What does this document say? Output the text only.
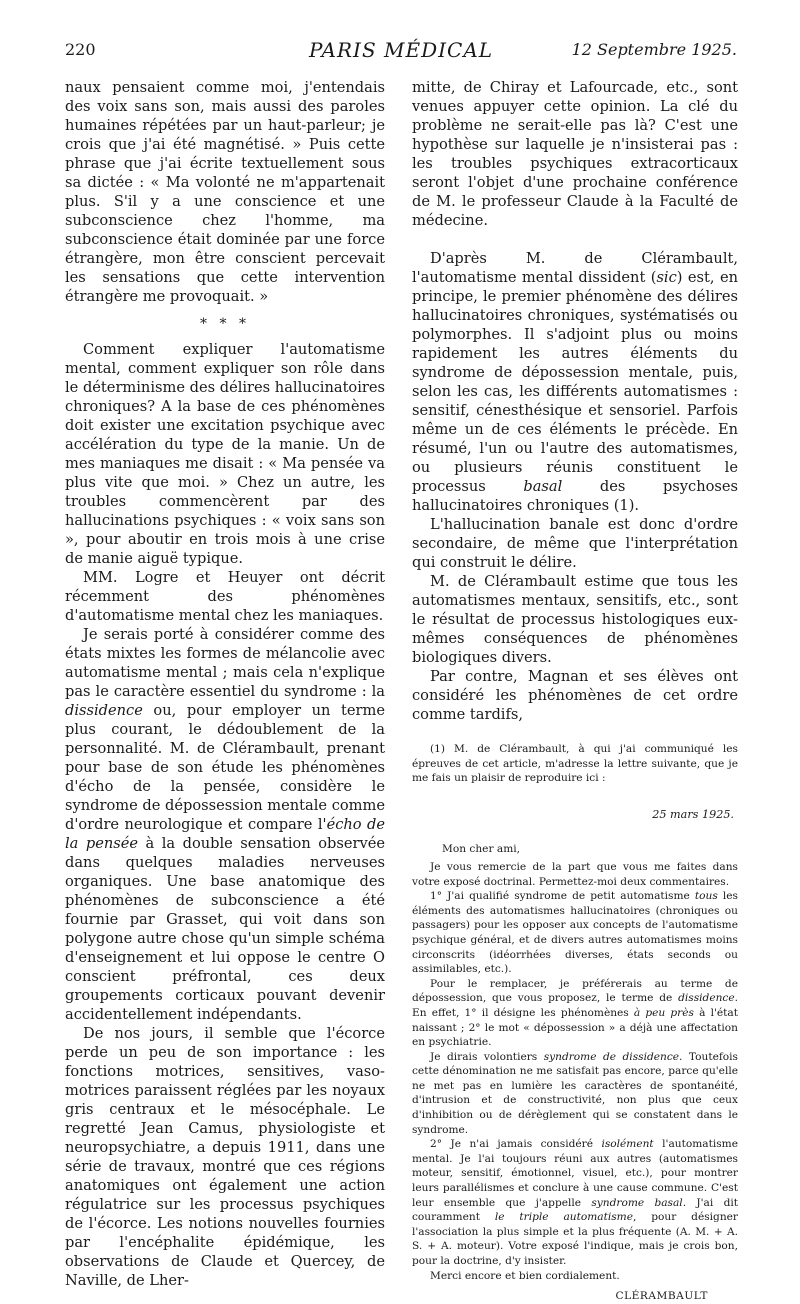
220	PARIS MÉDICAL	12 Septembre 1925.

naux pensaient comme moi, j'entendais des voix sans son, mais aussi des paroles humaines répétées par un haut-parleur; je crois que j'ai été magnétisé. » Puis cette phrase que j'ai écrite textuellement sous sa dictée : « Ma volonté ne m'appartenait plus. S'il y a une conscience et une subconscience chez l'homme, ma subconscience était dominée par une force étrangère, mon être conscient percevait les sensations que cette intervention étrangère me provoquait. »

* * *

Comment expliquer l'automatisme mental, comment expliquer son rôle dans le déterminisme des délires hallucinatoires chroniques? A la base de ces phénomènes doit exister une excitation psychique avec accélération du type de la manie. Un de mes maniaques me disait : « Ma pensée va plus vite que moi. » Chez un autre, les troubles commencèrent par des hallucinations psychiques : « voix sans son », pour aboutir en trois mois à une crise de manie aiguë typique.

MM. Logre et Heuyer ont décrit récemment des phénomènes d'automatisme mental chez les maniaques.

Je serais porté à considérer comme des états mixtes les formes de mélancolie avec automatisme mental ; mais cela n'explique pas le caractère essentiel du syndrome : la dissidence ou, pour employer un terme plus courant, le dédoublement de la personnalité. M. de Clérambault, prenant pour base de son étude les phénomènes d'écho de la pensée, considère le syndrome de dépossession mentale comme d'ordre neurologique et compare l'écho de la pensée à la double sensation observée dans quelques maladies nerveuses organiques. Une base anatomique des phénomènes de subconscience a été fournie par Grasset, qui voit dans son polygone autre chose qu'un simple schéma d'enseignement et lui oppose le centre O conscient préfrontal, ces deux groupements corticaux pouvant devenir accidentellement indépendants.

De nos jours, il semble que l'écorce perde un peu de son importance : les fonctions motrices, sensitives, vaso-motrices paraissent réglées par les noyaux gris centraux et le mésocéphale. Le regretté Jean Camus, physiologiste et neuropsychiatre, a depuis 1911, dans une série de travaux, montré que ces régions anatomiques ont également une action régulatrice sur les processus psychiques de l'écorce. Les notions nouvelles fournies par l'encéphalite épidémique, les observations de Claude et Quercey, de Naville, de Lher-

mitte, de Chiray et Lafourcade, etc., sont venues appuyer cette opinion. La clé du problème ne serait-elle pas là? C'est une hypothèse sur laquelle je n'insisterai pas : les troubles psychiques extracorticaux seront l'objet d'une prochaine conférence de M. le professeur Claude à la Faculté de médecine.

D'après M. de Clérambault, l'automatisme mental dissident (sic) est, en principe, le premier phénomène des délires hallucinatoires chroniques, systématisés ou polymorphes. Il s'adjoint plus ou moins rapidement les autres éléments du syndrome de dépossession mentale, puis, selon les cas, les différents automatismes : sensitif, cénesthésique et sensoriel. Parfois même un de ces éléments le précède. En résumé, l'un ou l'autre des automatismes, ou plusieurs réunis constituent le processus basal des psychoses hallucinatoires chroniques (1).

L'hallucination banale est donc d'ordre secondaire, de même que l'interprétation qui construit le délire.

M. de Clérambault estime que tous les automatismes mentaux, sensitifs, etc., sont le résultat de processus histologiques eux-mêmes conséquences de phénomènes biologiques divers.

Par contre, Magnan et ses élèves ont considéré les phénomènes de cet ordre comme tardifs,

(1) M. de Clérambault, à qui j'ai communiqué les épreuves de cet article, m'adresse la lettre suivante, que je me fais un plaisir de reproduire ici :

25 mars 1925.

Mon cher ami,

Je vous remercie de la part que vous me faites dans votre exposé doctrinal. Permettez-moi deux commentaires.

1° J'ai qualifié syndrome de petit automatisme tous les éléments des automatismes hallucinatoires (chroniques ou passagers) pour les opposer aux concepts de l'automatisme psychique général, et de divers autres automatismes moins circonscrits (idéorrhées diverses, états seconds ou assimilables, etc.).

Pour le remplacer, je préférerais au terme de dépossession, que vous proposez, le terme de dissidence. En effet, 1° il désigne les phénomènes à peu près à l'état naissant ; 2° le mot « dépossession » a déjà une affectation en psychiatrie.

Je dirais volontiers syndrome de dissidence. Toutefois cette dénomination ne me satisfait pas encore, parce qu'elle ne met pas en lumière les caractères de spontanéité, d'intrusion et de constructivité, non plus que ceux d'inhibition ou de dérèglement qui se constatent dans le syndrome.

2° Je n'ai jamais considéré isolément l'automatisme mental. Je l'ai toujours réuni aux autres (automatismes moteur, sensitif, émotionnel, visuel, etc.), pour montrer leurs parallélismes et conclure à une cause commune. C'est leur ensemble que j'appelle syndrome basal. J'ai dit couramment le triple automatisme, pour désigner l'association la plus simple et la plus fréquente (A. M. + A. S. + A. moteur). Votre exposé l'indique, mais je crois bon, pour la doctrine, d'y insister.

Merci encore et bien cordialement.

CLÉRAMBAULT
